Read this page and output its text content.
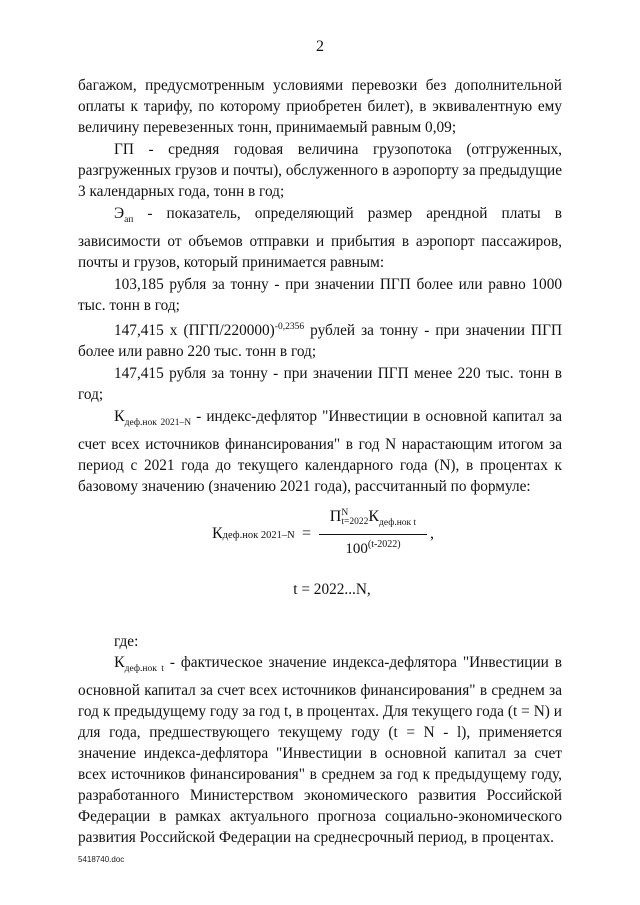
2

багажом, предусмотренным условиями перевозки без дополнительной оплаты к тарифу, по которому приобретен билет), в эквивалентную ему величину перевезенных тонн, принимаемый равным 0,09;

ГП - средняя годовая величина грузопотока (отгруженных, разгруженных грузов и почты), обслуженного в аэропорту за предыдущие 3 календарных года, тонн в год;

$Э_{ап}$ - показатель, определяющий размер арендной платы в зависимости от объемов отправки и прибытия в аэропорт пассажиров, почты и грузов, который принимается равным:

103,185 рубля за тонну - при значении ПГП более или равно 1000 тыс. тонн в год;

147,415 х $(ПГП/220000)^{-0,2356}$ рублей за тонну - при значении ПГП более или равно 220 тыс. тонн в год;

147,415 рубля за тонну - при значении ПГП менее 220 тыс. тонн в год;

$К_{деф.нок 2021-N}$ - индекс-дефлятор "Инвестиции в основной капитал за счет всех источников финансирования" в год N нарастающим итогом за период с 2021 года до текущего календарного года (N), в процентах к базовому значению (значению 2021 года), рассчитанный по формуле:

Кдеф.нок 2021–N =
П N
t=2022 $К_{деф.нок t}$
$100^{(t-2022)}$
,
t = 2022...N,

где:

$К_{деф.нок t}$ - фактическое значение индекса-дефлятора "Инвестиции в основной капитал за счет всех источников финансирования" в среднем за год к предыдущему году за год t, в процентах. Для текущего года (t = N) и для года, предшествующего текущему году (t = N - l), применяется значение индекса-дефлятора "Инвестиции в основной капитал за счет всех источников финансирования" в среднем за год к предыдущему году, разработанного Министерством экономического развития Российской Федерации в рамках актуального прогноза социально-экономического развития Российской Федерации на среднесрочный период, в процентах.

5418740.doc
